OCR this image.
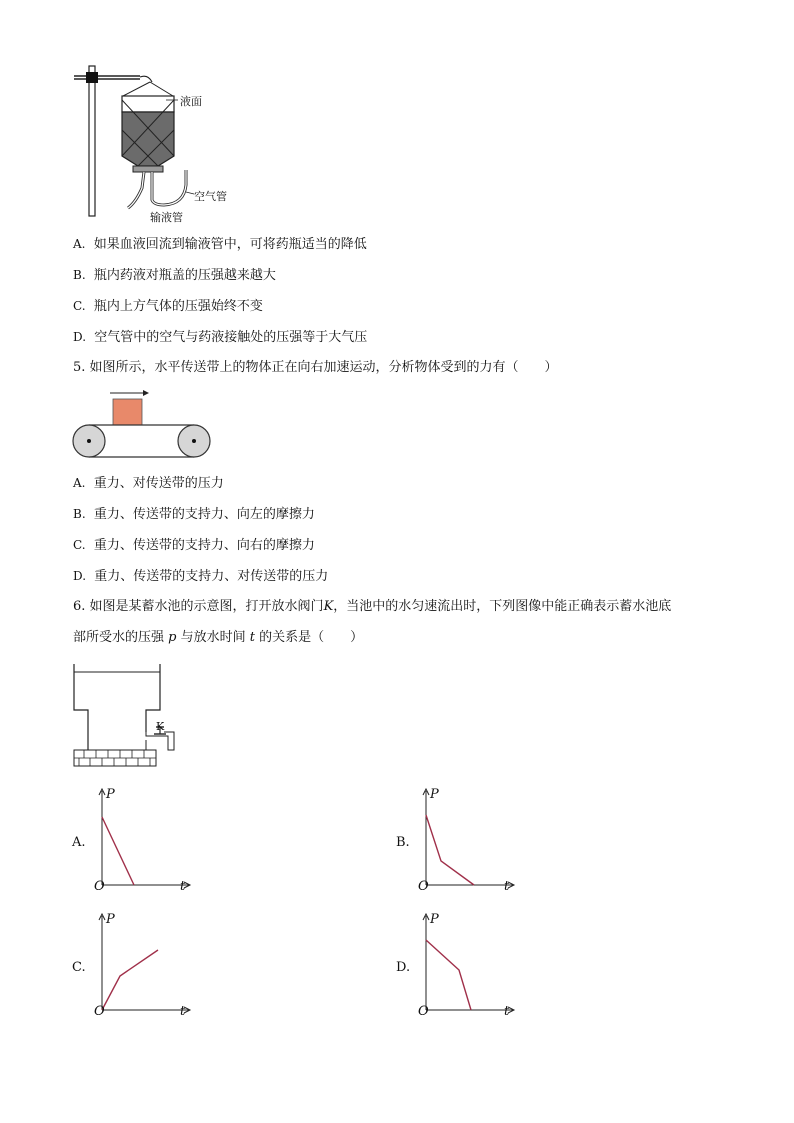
液面
空气管
输液管
A. 如果血液回流到输液管中，可将药瓶适当的降低
B. 瓶内药液对瓶盖的压强越来越大
C. 瓶内上方气体的压强始终不变
D. 空气管中的空气与药液接触处的压强等于大气压
5. 如图所示，水平传送带上的物体正在向右加速运动，分析物体受到的力有（　　）
A. 重力、对传送带的压力
B. 重力、传送带的支持力、向左的摩擦力
C. 重力、传送带的支持力、向右的摩擦力
D. 重力、传送带的支持力、对传送带的压力
6. 如图是某蓄水池的示意图，打开放水阀门K，当池中的水匀速流出时，下列图像中能正确表示蓄水池底
部所受水的压强 p 与放水时间 t 的关系是（　　）
K
A.
P
O	t
B.
P
O	t
C.
P
O	t
D.
P
O	t
